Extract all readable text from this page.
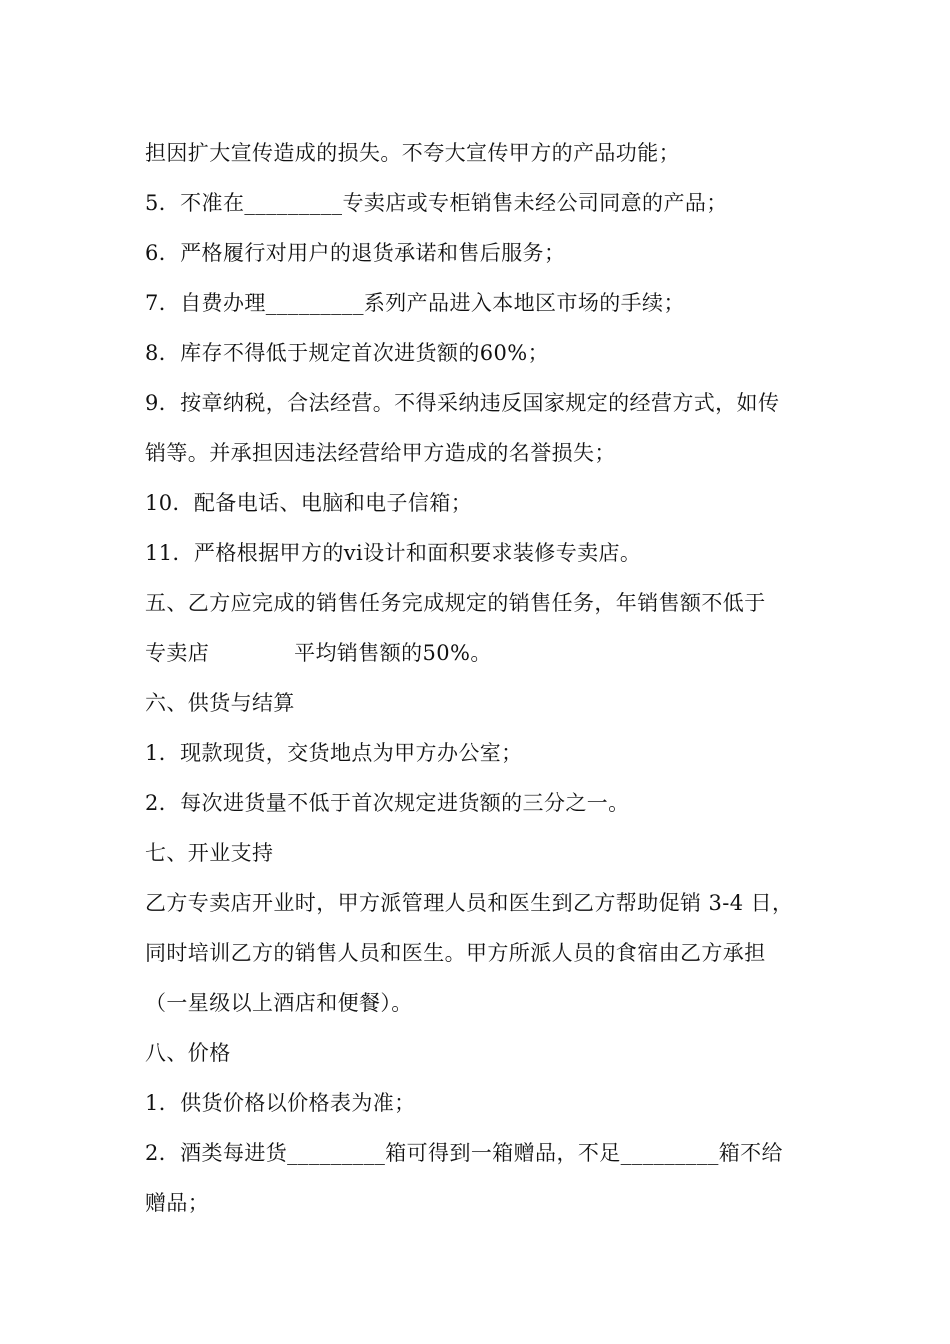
担因扩大宣传造成的损失。不夸大宣传甲方的产品功能；
5．不准在_________专卖店或专柜销售未经公司同意的产品；
6．严格履行对用户的退货承诺和售后服务；
7．自费办理_________系列产品进入本地区市场的手续；
8．库存不得低于规定首次进货额的60%；
9．按章纳税，合法经营。不得采纳违反国家规定的经营方式，如传
销等。并承担因违法经营给甲方造成的名誉损失；
10．配备电话、电脑和电子信箱；
11．严格根据甲方的vi设计和面积要求装修专卖店。
五、乙方应完成的销售任务完成规定的销售任务，年销售额不低于
专卖店            平均销售额的50%。
六、供货与结算
1．现款现货，交货地点为甲方办公室；
2．每次进货量不低于首次规定进货额的三分之一。
七、开业支持
乙方专卖店开业时，甲方派管理人员和医生到乙方帮助促销 3-4 日，
同时培训乙方的销售人员和医生。甲方所派人员的食宿由乙方承担
（一星级以上酒店和便餐）。
八、价格
1．供货价格以价格表为准；
2．酒类每进货_________箱可得到一箱赠品，不足_________箱不给
赠品；
